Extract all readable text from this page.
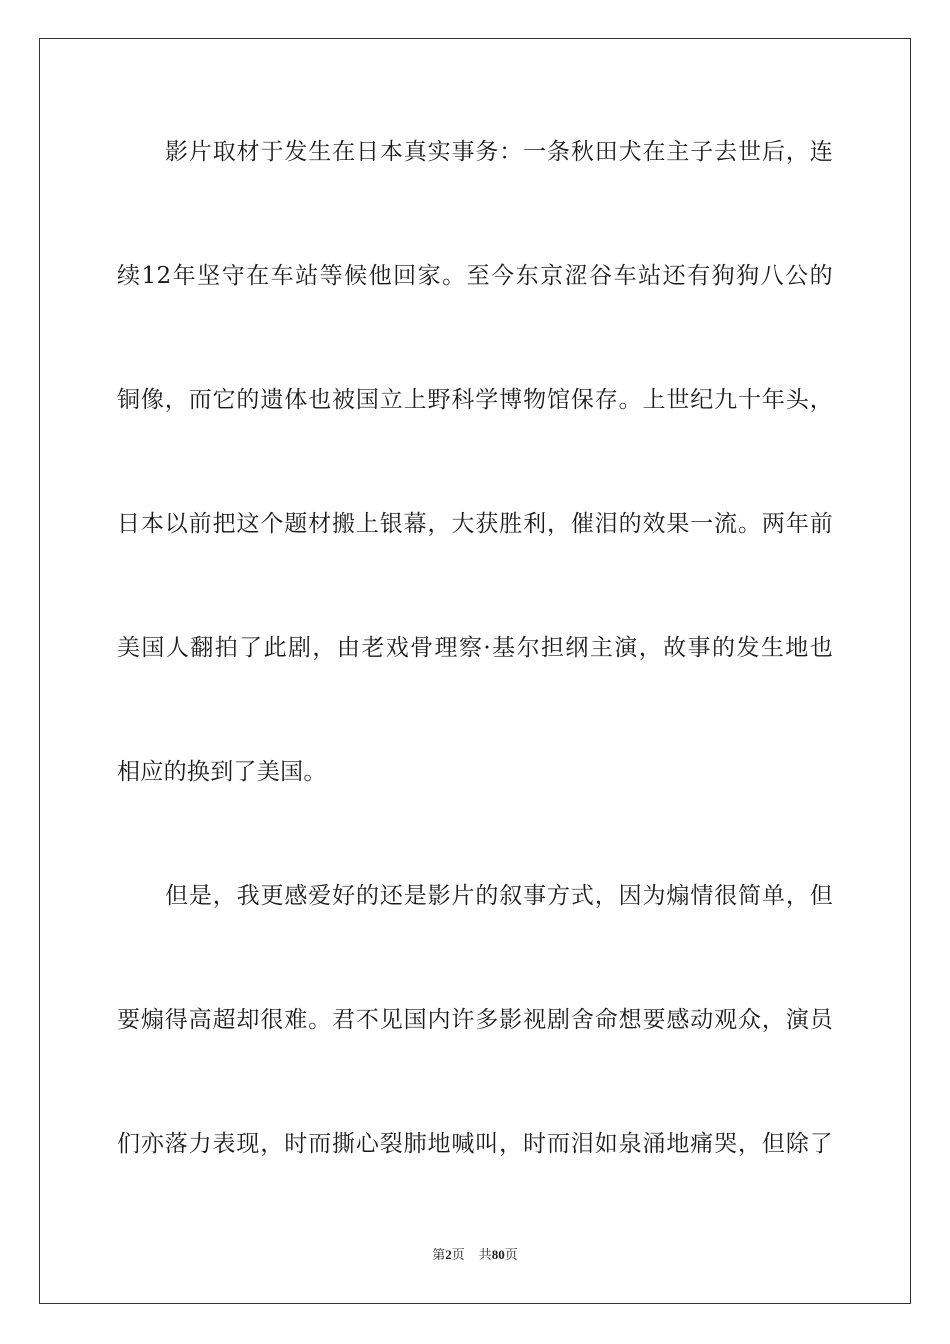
影片取材于发生在日本真实事务：一条秋田犬在主子去世后，连
续12年坚守在车站等候他回家。至今东京涩谷车站还有狗狗八公的
铜像，而它的遗体也被国立上野科学博物馆保存。上世纪九十年头，
日本以前把这个题材搬上银幕，大获胜利，催泪的效果一流。两年前
美国人翻拍了此剧，由老戏骨理察·基尔担纲主演，故事的发生地也
相应的换到了美国。
但是，我更感爱好的还是影片的叙事方式，因为煽情很简单，但
要煽得高超却很难。君不见国内许多影视剧舍命想要感动观众，演员
们亦落力表现，时而撕心裂肺地喊叫，时而泪如泉涌地痛哭，但除了
第2页 共80页
